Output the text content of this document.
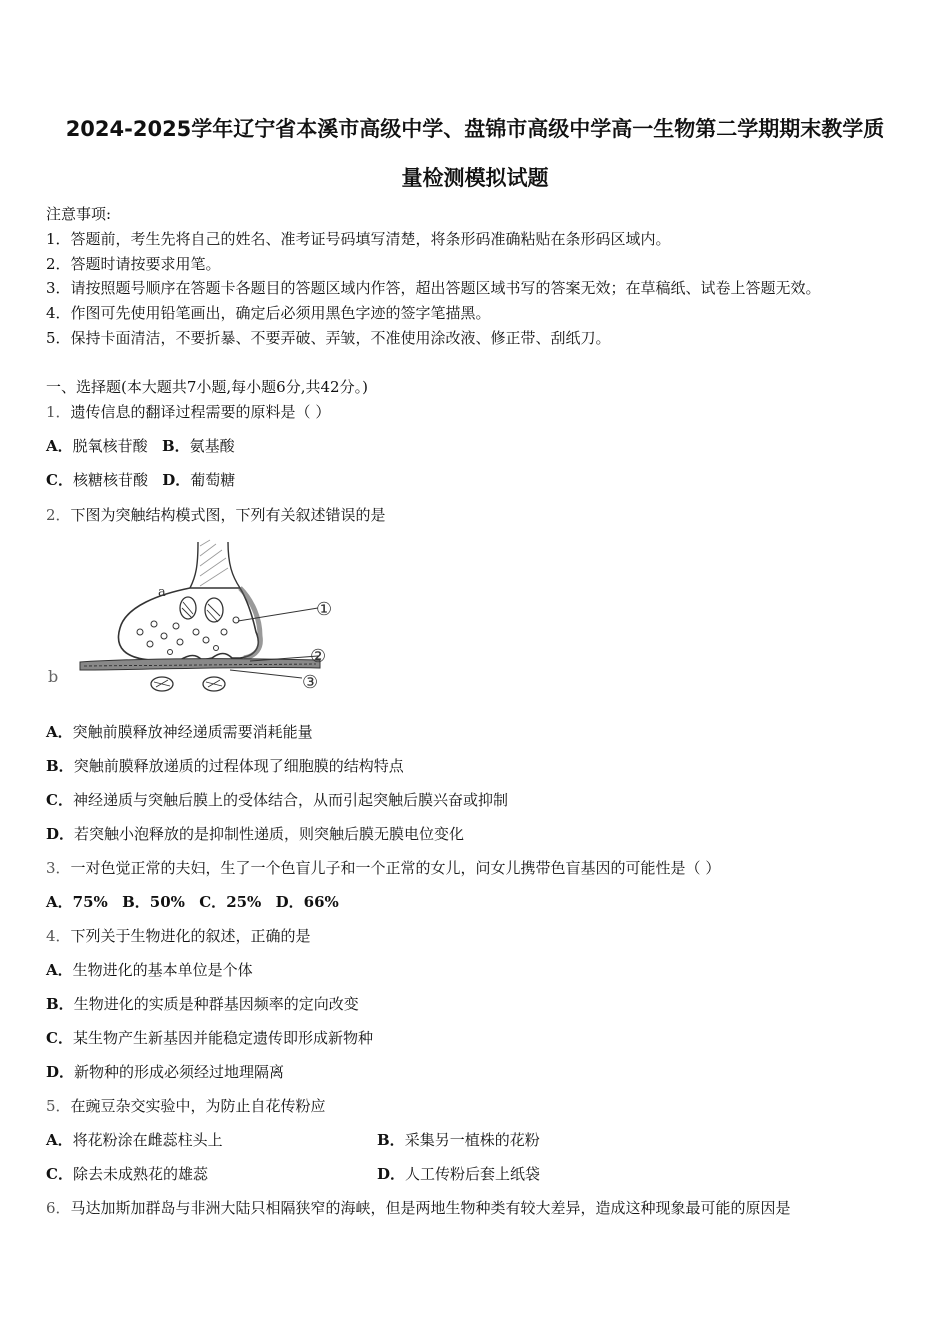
2024-2025学年辽宁省本溪市高级中学、盘锦市高级中学高一生物第二学期期末教学质
量检测模拟试题
注意事项:
1．答题前，考生先将自己的姓名、准考证号码填写清楚，将条形码准确粘贴在条形码区域内。
2．答题时请按要求用笔。
3．请按照题号顺序在答题卡各题目的答题区域内作答，超出答题区域书写的答案无效；在草稿纸、试卷上答题无效。
4．作图可先使用铅笔画出，确定后必须用黑色字迹的签字笔描黑。
5．保持卡面清洁，不要折暴、不要弄破、弄皱，不准使用涂改液、修正带、刮纸刀。
一、选择题(本大题共7小题,每小题6分,共42分。)
1．遗传信息的翻译过程需要的原料是（ ）
A．脱氧核苷酸 B．氨基酸
C．核糖核苷酸 D．葡萄糖
2．下图为突触结构模式图，下列有关叙述错误的是
a
b
①
②
③
A．突触前膜释放神经递质需要消耗能量
B．突触前膜释放递质的过程体现了细胞膜的结构特点
C．神经递质与突触后膜上的受体结合，从而引起突触后膜兴奋或抑制
D．若突触小泡释放的是抑制性递质，则突触后膜无膜电位变化
3．一对色觉正常的夫妇，生了一个色盲儿子和一个正常的女儿，问女儿携带色盲基因的可能性是（ ）
A．75% B．50% C．25% D．66%
4．下列关于生物进化的叙述，正确的是
A．生物进化的基本单位是个体
B．生物进化的实质是种群基因频率的定向改变
C．某生物产生新基因并能稳定遗传即形成新物种
D．新物种的形成必须经过地理隔离
5．在豌豆杂交实验中，为防止自花传粉应
A．将花粉涂在雌蕊柱头上	B．采集另一植株的花粉
C．除去未成熟花的雄蕊	D．人工传粉后套上纸袋
6．马达加斯加群岛与非洲大陆只相隔狭窄的海峡，但是两地生物种类有较大差异，造成这种现象最可能的原因是
